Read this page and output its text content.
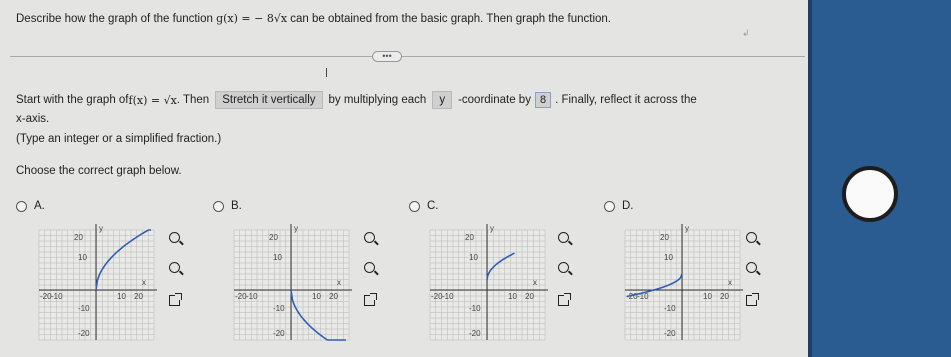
Describe how the graph of the function g(x) = − 8√x can be obtained from the basic graph. Then graph the function.
↲
•••
Start with the graph of f(x) = √x . Then	Stretch it vertically	by multiplying each	y	-coordinate by 8 . Finally, reflect it across the
x-axis.
(Type an integer or a simplified fraction.)
Choose the correct graph below.
A.	B.	C.	D.
y
x
20
10
-20 -10	10 20
-10
-20
y
x
20
10
-20 -10	10 20
-10
-20
y
x
20
10
-20 -10	10 20
-10
-20
y
x
20
10
-20 -10	10 20
-10
-20
